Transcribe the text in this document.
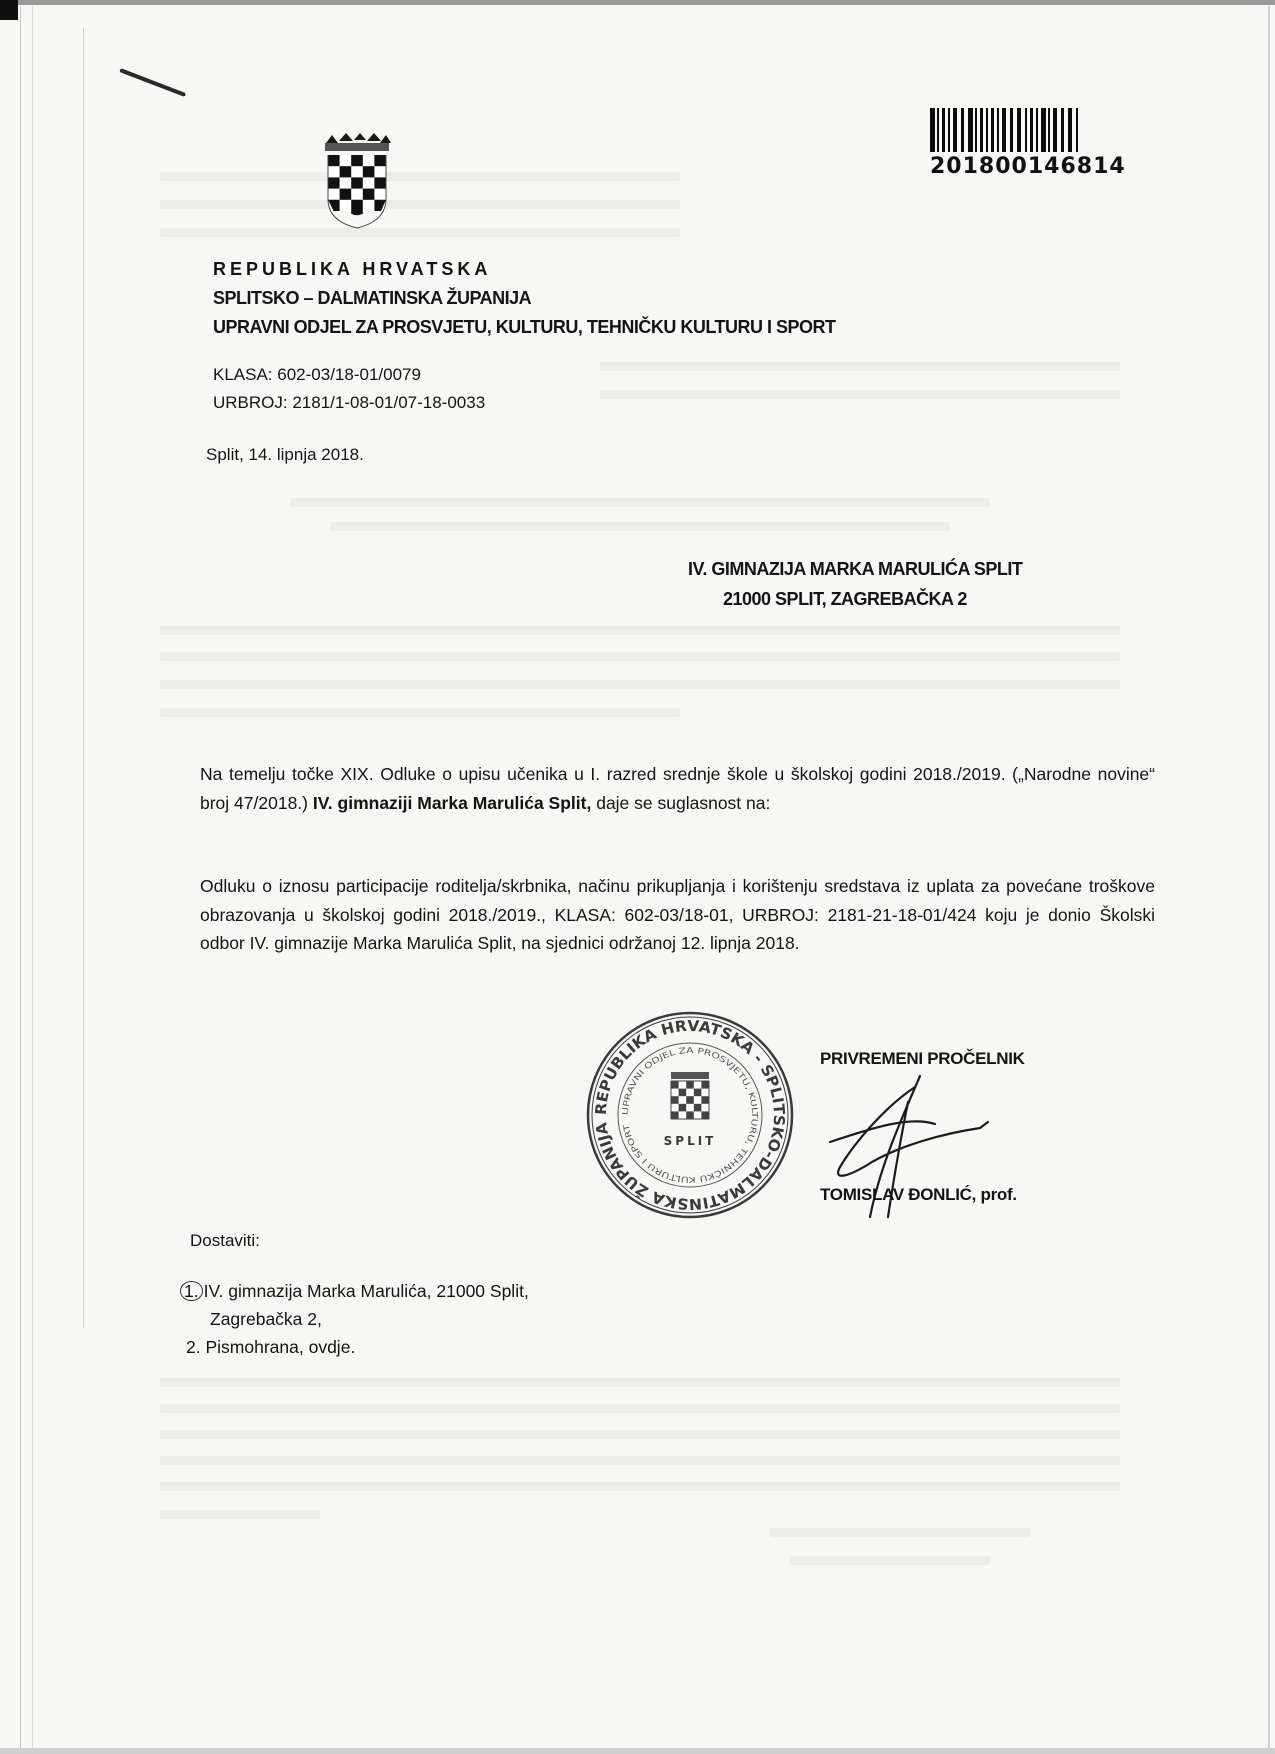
201800146814
REPUBLIKA HRVATSKA
SPLITSKO – DALMATINSKA ŽUPANIJA
UPRAVNI ODJEL ZA PROSVJETU, KULTURU, TEHNIČKU KULTURU I SPORT
KLASA: 602-03/18-01/0079
URBROJ: 2181/1-08-01/07-18-0033
Split, 14. lipnja 2018.
IV. GIMNAZIJA MARKA MARULIĆA SPLIT
21000 SPLIT, ZAGREBAČKA 2
Na temelju točke XIX. Odluke o upisu učenika u I. razred srednje škole u školskoj godini 2018./2019. („Narodne novine“ broj 47/2018.) IV. gimnaziji Marka Marulića Split, daje se suglasnost na:
Odluku o iznosu participacije roditelja/skrbnika, načinu prikupljanja i korištenju sredstava iz uplata za povećane troškove obrazovanja u školskoj godini 2018./2019., KLASA: 602-03/18-01, URBROJ: 2181-21-18-01/424 koju je donio Školski odbor IV. gimnazije Marka Marulića Split, na sjednici održanoj 12. lipnja 2018.
REPUBLIKA HRVATSKA - SPLITSKO-DALMATINSKA ŽUPANIJA
UPRAVNI ODJEL ZA PROSVJETU, KULTURU, TEHNIČKU KULTURU I SPORT
SPLIT
PRIVREMENI PROČELNIK
TOMISLAV ĐONLIĆ, prof.
Dostaviti:
1. IV. gimnazija Marka Marulića, 21000 Split,
Zagrebačka 2,
2. Pismohrana, ovdje.
